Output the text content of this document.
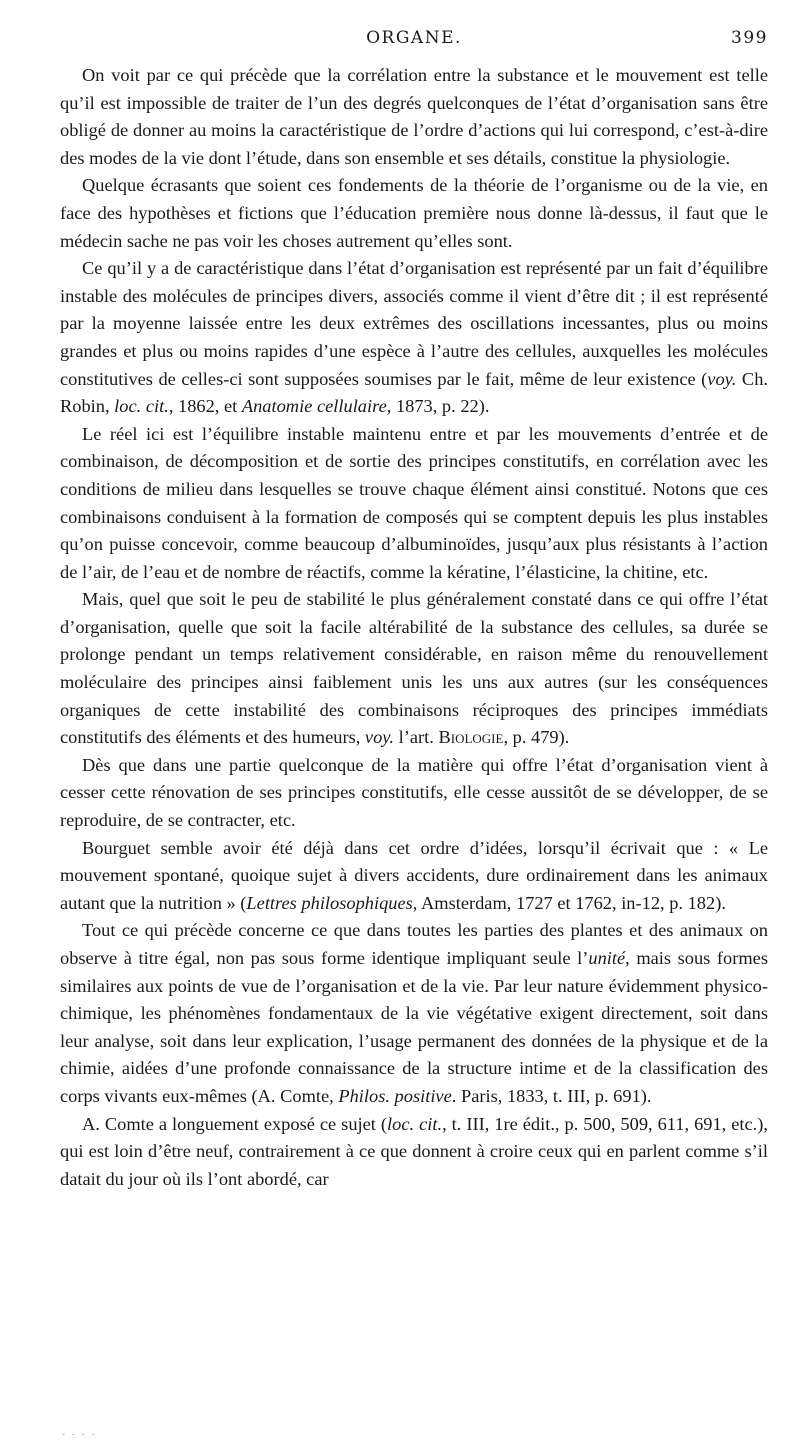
ORGANE.	399

On voit par ce qui précède que la corrélation entre la substance et le mouvement est telle qu’il est impossible de traiter de l’un des degrés quelconques de l’état d’organisation sans être obligé de donner au moins la caractéristique de l’ordre d’actions qui lui correspond, c’est-à-dire des modes de la vie dont l’étude, dans son ensemble et ses détails, constitue la physiologie.

Quelque écrasants que soient ces fondements de la théorie de l’organisme ou de la vie, en face des hypothèses et fictions que l’éducation première nous donne là-dessus, il faut que le médecin sache ne pas voir les choses autrement qu’elles sont.

Ce qu’il y a de caractéristique dans l’état d’organisation est représenté par un fait d’équilibre instable des molécules de principes divers, associés comme il vient d’être dit ; il est représenté par la moyenne laissée entre les deux extrêmes des oscillations incessantes, plus ou moins grandes et plus ou moins rapides d’une espèce à l’autre des cellules, auxquelles les molécules constitutives de celles-ci sont supposées soumises par le fait, même de leur existence (voy. Ch. Robin, loc. cit., 1862, et Anatomie cellulaire, 1873, p. 22).

Le réel ici est l’équilibre instable maintenu entre et par les mouvements d’entrée et de combinaison, de décomposition et de sortie des principes constitutifs, en corrélation avec les conditions de milieu dans lesquelles se trouve chaque élément ainsi constitué. Notons que ces combinaisons conduisent à la formation de composés qui se comptent depuis les plus instables qu’on puisse concevoir, comme beaucoup d’albuminoïdes, jusqu’aux plus résistants à l’action de l’air, de l’eau et de nombre de réactifs, comme la kératine, l’élasticine, la chitine, etc.

Mais, quel que soit le peu de stabilité le plus généralement constaté dans ce qui offre l’état d’organisation, quelle que soit la facile altérabilité de la substance des cellules, sa durée se prolonge pendant un temps relativement considérable, en raison même du renouvellement moléculaire des principes ainsi faiblement unis les uns aux autres (sur les conséquences organiques de cette instabilité des combinaisons réciproques des principes immédiats constitutifs des éléments et des humeurs, voy. l’art. Biologie, p. 479).

Dès que dans une partie quelconque de la matière qui offre l’état d’organisation vient à cesser cette rénovation de ses principes constitutifs, elle cesse aussitôt de se développer, de se reproduire, de se contracter, etc.

Bourguet semble avoir été déjà dans cet ordre d’idées, lorsqu’il écrivait que : « Le mouvement spontané, quoique sujet à divers accidents, dure ordinairement dans les animaux autant que la nutrition » (Lettres philosophiques, Amsterdam, 1727 et 1762, in-12, p. 182).

Tout ce qui précède concerne ce que dans toutes les parties des plantes et des animaux on observe à titre égal, non pas sous forme identique impliquant seule l’unité, mais sous formes similaires aux points de vue de l’organisation et de la vie. Par leur nature évidemment physico-chimique, les phénomènes fondamentaux de la vie végétative exigent directement, soit dans leur analyse, soit dans leur explication, l’usage permanent des données de la physique et de la chimie, aidées d’une profonde connaissance de la structure intime et de la classification des corps vivants eux-mêmes (A. Comte, Philos. positive. Paris, 1833, t. III, p. 691).

A. Comte a longuement exposé ce sujet (loc. cit., t. III, 1re édit., p. 500, 509, 611, 691, etc.), qui est loin d’être neuf, contrairement à ce que donnent à croire ceux qui en parlent comme s’il datait du jour où ils l’ont abordé, car

- - - -
